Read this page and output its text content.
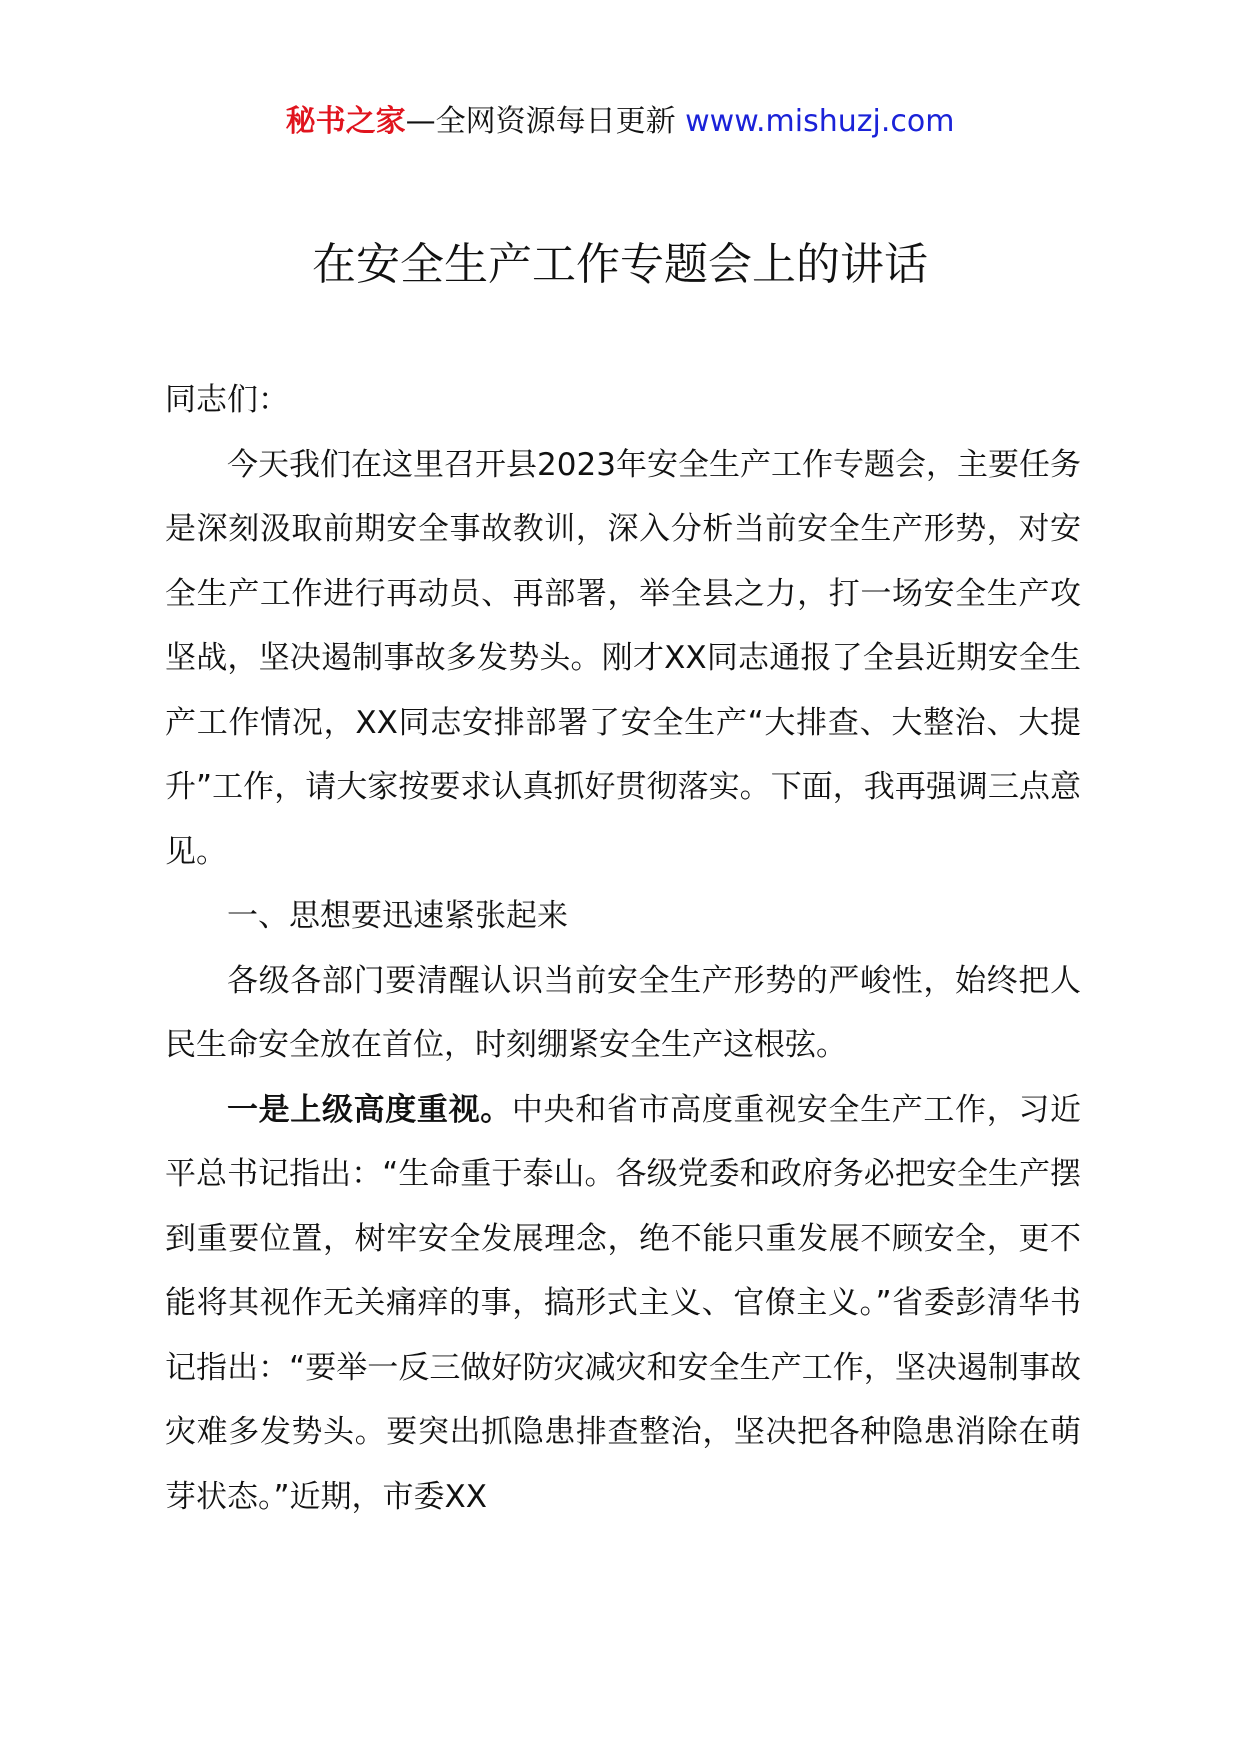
秘书之家—全网资源每日更新 www.mishuzj.com
在安全生产工作专题会上的讲话

同志们：

今天我们在这里召开县2023年安全生产工作专题会，主要任务是深刻汲取前期安全事故教训，深入分析当前安全生产形势，对安全生产工作进行再动员、再部署，举全县之力，打一场安全生产攻坚战，坚决遏制事故多发势头。刚才XX同志通报了全县近期安全生产工作情况，XX同志安排部署了安全生产“大排查、大整治、大提升”工作，请大家按要求认真抓好贯彻落实。下面，我再强调三点意见。

一、思想要迅速紧张起来

各级各部门要清醒认识当前安全生产形势的严峻性，始终把人民生命安全放在首位，时刻绷紧安全生产这根弦。

一是上级高度重视。中央和省市高度重视安全生产工作，习近平总书记指出：“生命重于泰山。各级党委和政府务必把安全生产摆到重要位置，树牢安全发展理念，绝不能只重发展不顾安全，更不能将其视作无关痛痒的事，搞形式主义、官僚主义。”省委彭清华书记指出：“要举一反三做好防灾减灾和安全生产工作，坚决遏制事故灾难多发势头。要突出抓隐患排查整治，坚决把各种隐患消除在萌芽状态。”近期，市委XX
